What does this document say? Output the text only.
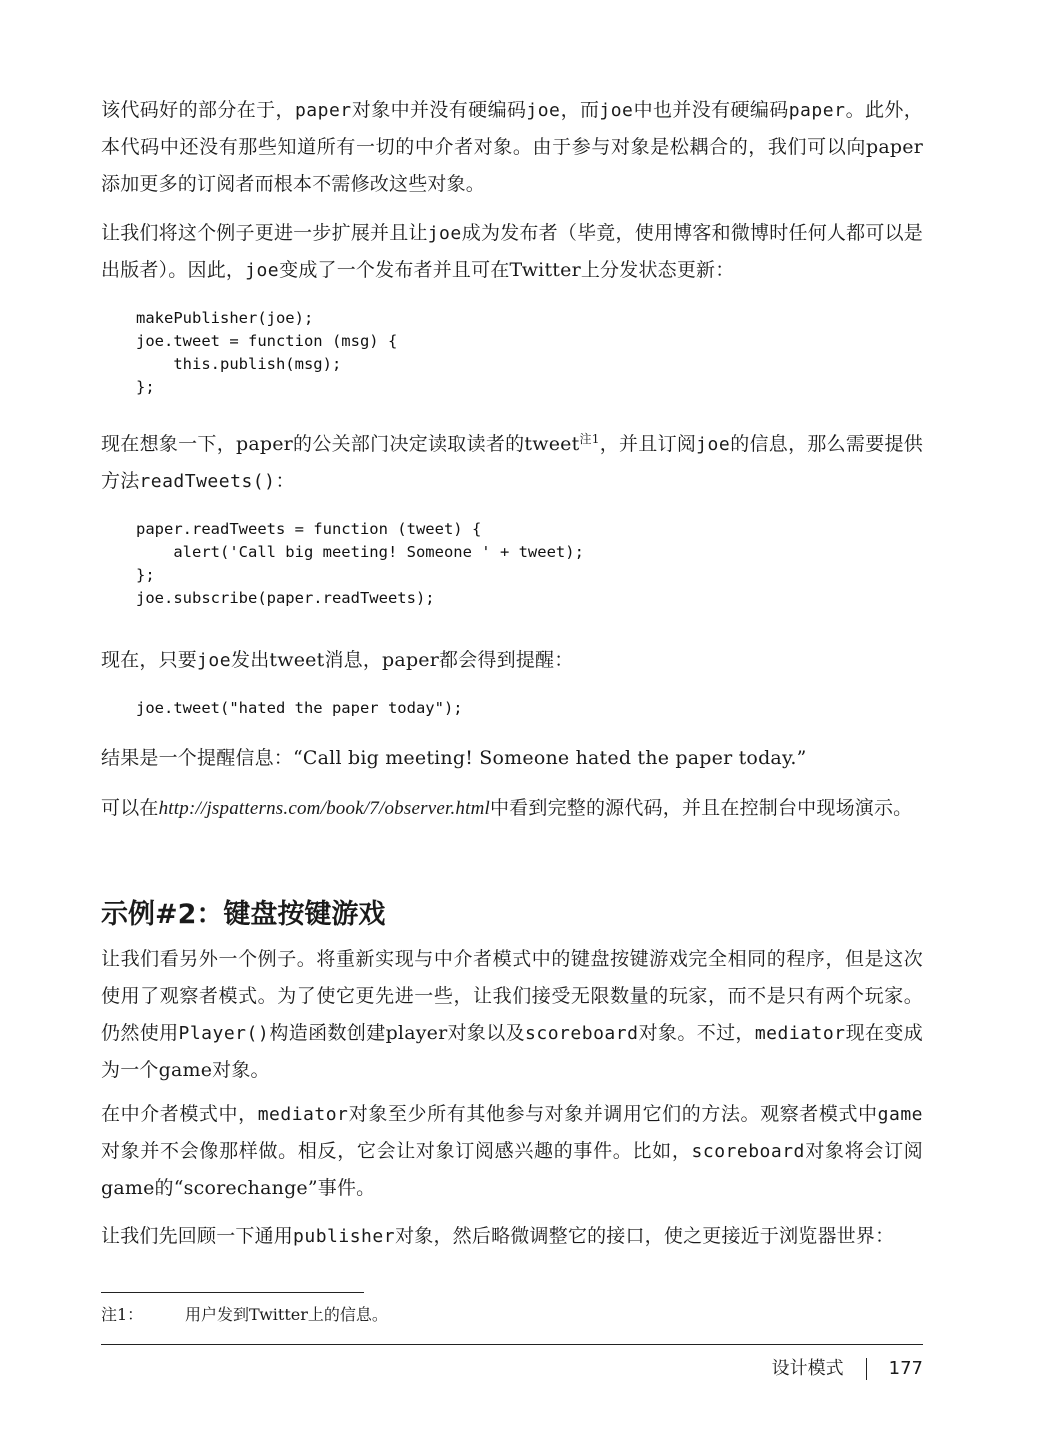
该代码好的部分在于，paper对象中并没有硬编码joe，而joe中也并没有硬编码paper。此外，本代码中还没有那些知道所有一切的中介者对象。由于参与对象是松耦合的，我们可以向paper添加更多的订阅者而根本不需修改这些对象。

让我们将这个例子更进一步扩展并且让joe成为发布者（毕竟，使用博客和微博时任何人都可以是出版者）。因此，joe变成了一个发布者并且可在Twitter上分发状态更新：

makePublisher(joe);
joe.tweet = function (msg) {
this.publish(msg);
};

现在想象一下，paper的公关部门决定读取读者的tweet$^{注1}$，并且订阅joe的信息，那么需要提供方法readTweets()：

paper.readTweets = function (tweet) {
alert('Call big meeting! Someone ' + tweet);
};
joe.subscribe(paper.readTweets);

现在，只要joe发出tweet消息，paper都会得到提醒：

joe.tweet("hated the paper today");

结果是一个提醒信息：“Call big meeting! Someone hated the paper today.”

可以在http://jspatterns.com/book/7/observer.html中看到完整的源代码，并且在控制台中现场演示。

示例#2：键盘按键游戏

让我们看另外一个例子。将重新实现与中介者模式中的键盘按键游戏完全相同的程序，但是这次使用了观察者模式。为了使它更先进一些，让我们接受无限数量的玩家，而不是只有两个玩家。仍然使用Player()构造函数创建player对象以及scoreboard对象。不过，mediator现在变成为一个game对象。

在中介者模式中，mediator对象至少所有其他参与对象并调用它们的方法。观察者模式中game对象并不会像那样做。相反，它会让对象订阅感兴趣的事件。比如，scoreboard对象将会订阅game的“scorechange”事件。

让我们先回顾一下通用publisher对象，然后略微调整它的接口，使之更接近于浏览器世界：

注1：	用户发到Twitter上的信息。
设计模式	177
